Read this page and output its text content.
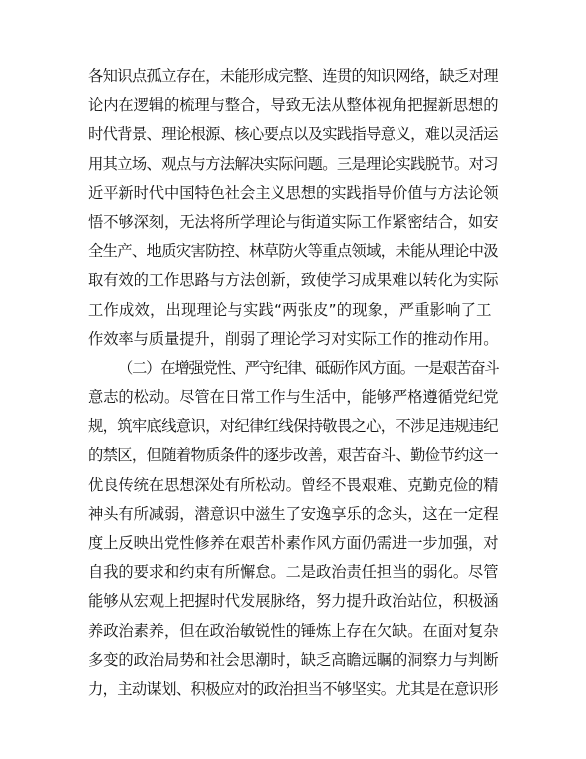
各知识点孤立存在，未能形成完整、连贯的知识网络，缺乏对理
论内在逻辑的梳理与整合，导致无法从整体视角把握新思想的
时代背景、理论根源、核心要点以及实践指导意义，难以灵活运
用其立场、观点与方法解决实际问题。三是理论实践脱节。对习
近平新时代中国特色社会主义思想的实践指导价值与方法论领
悟不够深刻，无法将所学理论与街道实际工作紧密结合，如安
全生产、地质灾害防控、林草防火等重点领域，未能从理论中汲
取有效的工作思路与方法创新，致使学习成果难以转化为实际
工作成效，出现理论与实践“两张皮”的现象，严重影响了工
作效率与质量提升，削弱了理论学习对实际工作的推动作用。
（二）在增强党性、严守纪律、砥砺作风方面。一是艰苦奋斗
意志的松动。尽管在日常工作与生活中，能够严格遵循党纪党
规，筑牢底线意识，对纪律红线保持敬畏之心，不涉足违规违纪
的禁区，但随着物质条件的逐步改善，艰苦奋斗、勤俭节约这一
优良传统在思想深处有所松动。曾经不畏艰难、克勤克俭的精
神头有所减弱，潜意识中滋生了安逸享乐的念头，这在一定程
度上反映出党性修养在艰苦朴素作风方面仍需进一步加强，对
自我的要求和约束有所懈怠。二是政治责任担当的弱化。尽管
能够从宏观上把握时代发展脉络，努力提升政治站位，积极涵
养政治素养，但在政治敏锐性的锤炼上存在欠缺。在面对复杂
多变的政治局势和社会思潮时，缺乏高瞻远瞩的洞察力与判断
力，主动谋划、积极应对的政治担当不够坚实。尤其是在意识形
